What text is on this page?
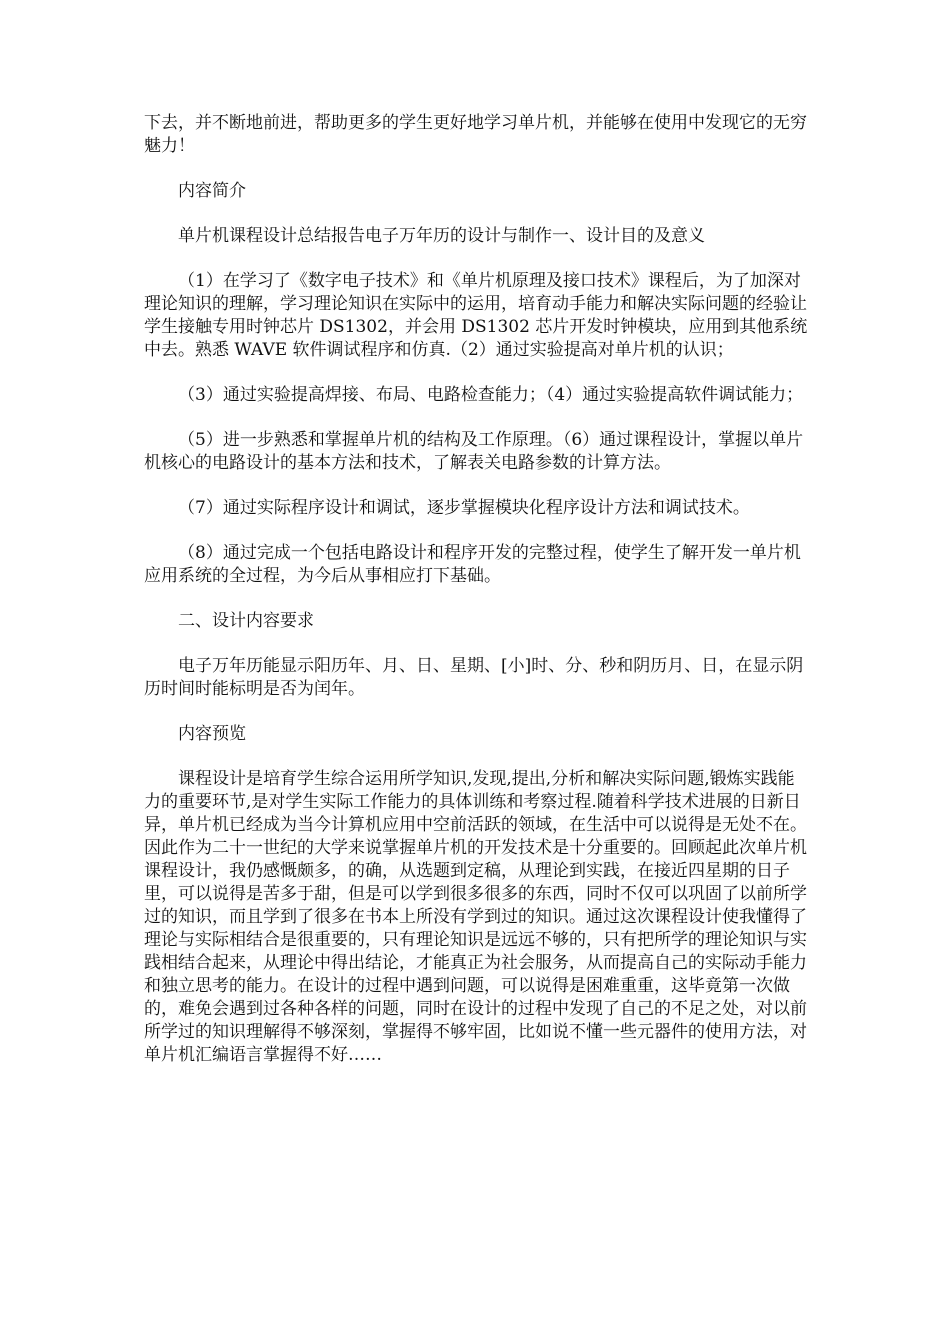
下去，并不断地前进，帮助更多的学生更好地学习单片机，并能够在使用中发现它的无穷魅力！

内容简介

单片机课程设计总结报告电子万年历的设计与制作一、设计目的及意义

（1）在学习了《数字电子技术》和《单片机原理及接口技术》课程后，为了加深对理论知识的理解，学习理论知识在实际中的运用，培育动手能力和解决实际问题的经验让学生接触专用时钟芯片 DS1302，并会用 DS1302 芯片开发时钟模块，应用到其他系统中去。熟悉 WAVE 软件调试程序和仿真.（2）通过实验提高对单片机的认识；

（3）通过实验提高焊接、布局、电路检查能力；（4）通过实验提高软件调试能力；

（5）进一步熟悉和掌握单片机的结构及工作原理。（6）通过课程设计，掌握以单片机核心的电路设计的基本方法和技术，了解表关电路参数的计算方法。

（7）通过实际程序设计和调试，逐步掌握模块化程序设计方法和调试技术。

（8）通过完成一个包括电路设计和程序开发的完整过程，使学生了解开发一单片机应用系统的全过程，为今后从事相应打下基础。

二、设计内容要求

电子万年历能显示阳历年、月、日、星期、[小]时、分、秒和阴历月、日，在显示阴历时间时能标明是否为闰年。

内容预览

课程设计是培育学生综合运用所学知识,发现,提出,分析和解决实际问题,锻炼实践能力的重要环节,是对学生实际工作能力的具体训练和考察过程.随着科学技术进展的日新日异，单片机已经成为当今计算机应用中空前活跃的领域，在生活中可以说得是无处不在。因此作为二十一世纪的大学来说掌握单片机的开发技术是十分重要的。回顾起此次单片机课程设计，我仍感慨颇多，的确，从选题到定稿，从理论到实践，在接近四星期的日子里，可以说得是苦多于甜，但是可以学到很多很多的东西，同时不仅可以巩固了以前所学过的知识，而且学到了很多在书本上所没有学到过的知识。通过这次课程设计使我懂得了理论与实际相结合是很重要的，只有理论知识是远远不够的，只有把所学的理论知识与实践相结合起来，从理论中得出结论，才能真正为社会服务，从而提高自己的实际动手能力和独立思考的能力。在设计的过程中遇到问题，可以说得是困难重重，这毕竟第一次做的，难免会遇到过各种各样的问题，同时在设计的过程中发现了自己的不足之处，对以前所学过的知识理解得不够深刻，掌握得不够牢固，比如说不懂一些元器件的使用方法，对单片机汇编语言掌握得不好……
